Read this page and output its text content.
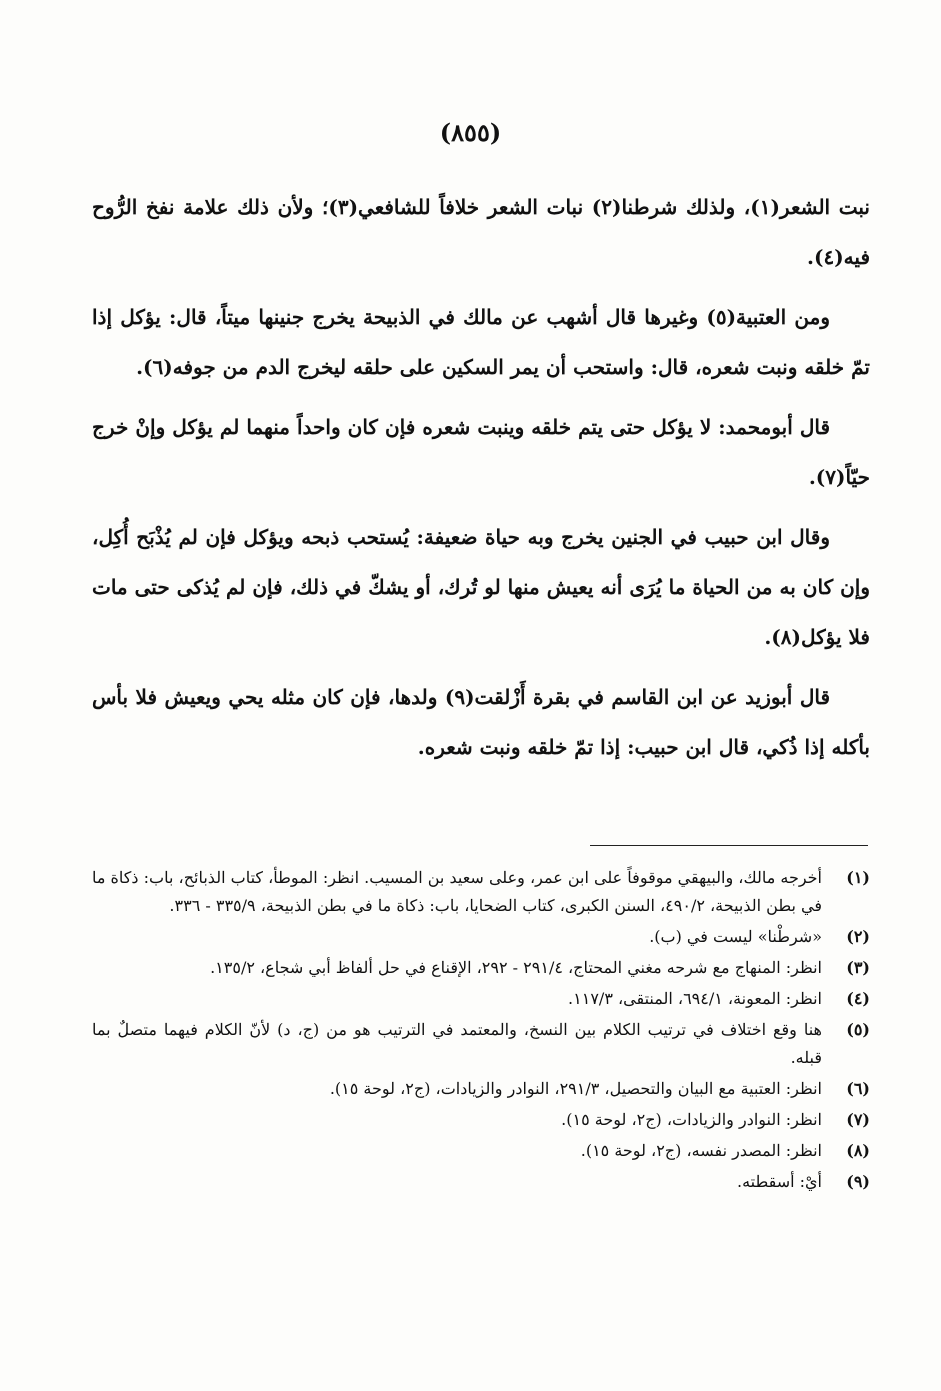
(٨٥٥)

نبت الشعر(١)، ولذلك شرطنا(٢) نبات الشعر خلافاً للشافعي(٣)؛ ولأن ذلك علامة نفخ الرُّوح فيه(٤).

ومن العتبية(٥) وغيرها قال أشهب عن مالك في الذبيحة يخرج جنينها ميتاً، قال: يؤكل إذا تمّ خلقه ونبت شعره، قال: واستحب أن يمر السكين على حلقه ليخرج الدم من جوفه(٦).

قال أبومحمد: لا يؤكل حتى يتم خلقه وينبت شعره فإن كان واحداً منهما لم يؤكل وإنْ خرج حيّاً(٧).

وقال ابن حبيب في الجنين يخرج وبه حياة ضعيفة: يُستحب ذبحه ويؤكل فإن لم يُذْبَح أُكِل، وإن كان به من الحياة ما يُرَى أنه يعيش منها لو تُرك، أو يشكّ في ذلك، فإن لم يُذكى حتى مات فلا يؤكل(٨).

قال أبوزيد عن ابن القاسم في بقرة أَزْلقت(٩) ولدها، فإن كان مثله يحي ويعيش فلا بأس بأكله إذا ذُكي، قال ابن حبيب: إذا تمّ خلقه ونبت شعره.

(١)
أخرجه مالك، والبيهقي موقوفاً على ابن عمر، وعلى سعيد بن المسيب. انظر: الموطأ، كتاب الذبائح، باب: ذكاة ما في بطن الذبيحة، ٤٩٠/٢، السنن الكبرى، كتاب الضحايا، باب: ذكاة ما في بطن الذبيحة، ٣٣٥/٩ - ٣٣٦.
(٢)
«شرطْنا» ليست في (ب).
(٣)
انظر: المنهاج مع شرحه مغني المحتاج، ٢٩١/٤ - ٢٩٢، الإقناع في حل ألفاظ أبي شجاع، ١٣٥/٢.
(٤)
انظر: المعونة، ٦٩٤/١، المنتقى، ١١٧/٣.
(٥)
هنا وقع اختلاف في ترتيب الكلام بين النسخ، والمعتمد في الترتيب هو من (ج، د) لأنّ الكلام فيهما متصلٌ بما قبله.
(٦)
انظر: العتبية مع البيان والتحصيل، ٢٩١/٣، النوادر والزيادات، (ج٢، لوحة ١٥).
(٧)
انظر: النوادر والزيادات، (ج٢، لوحة ١٥).
(٨)
انظر: المصدر نفسه، (ج٢، لوحة ١٥).
(٩)
أيْ: أسقطته.
